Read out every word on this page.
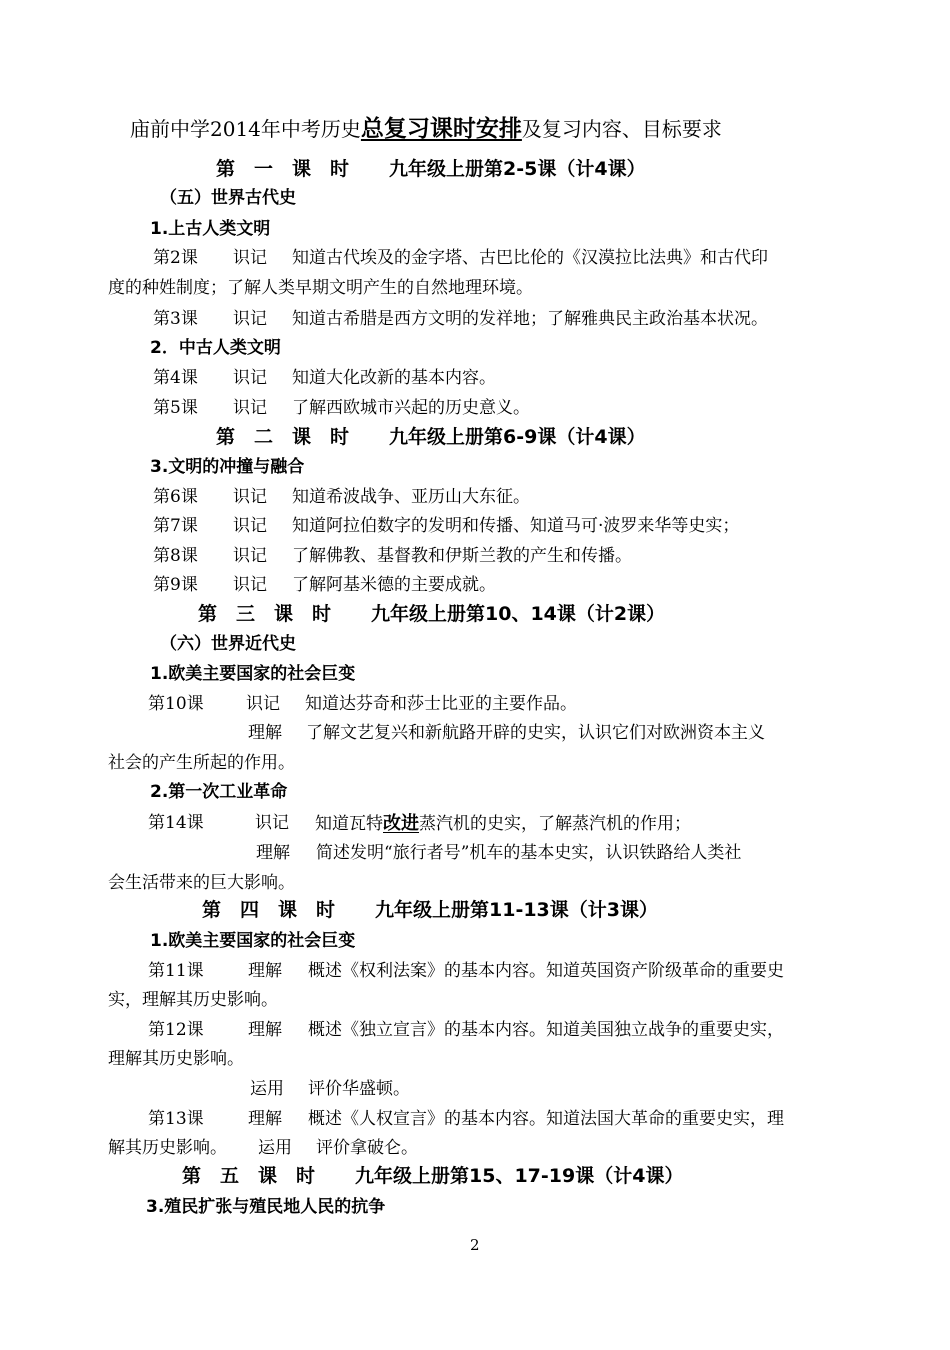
庙前中学2014年中考历史总复习课时安排及复习内容、目标要求
第　一　课　时 九年级上册第2-5课（计4课）
（五）世界古代史
1.上古人类文明
第2课 识记 知道古代埃及的金字塔、古巴比伦的《汉漠拉比法典》和古代印
度的种姓制度；了解人类早期文明产生的自然地理环境。
第3课 识记 知道古希腊是西方文明的发祥地；了解雅典民主政治基本状况。
2．中古人类文明
第4课 识记 知道大化改新的基本内容。
第5课 识记 了解西欧城市兴起的历史意义。
第　二　课　时 九年级上册第6-9课（计4课）
3.文明的冲撞与融合
第6课 识记 知道希波战争、亚历山大东征。
第7课 识记 知道阿拉伯数字的发明和传播、知道马可·波罗来华等史实；
第8课 识记 了解佛教、基督教和伊斯兰教的产生和传播。
第9课 识记 了解阿基米德的主要成就。
第　三　课　时 九年级上册第10、14课（计2课）
（六）世界近代史
1.欧美主要国家的社会巨变
第10课 识记 知道达芬奇和莎士比亚的主要作品。
理解 了解文艺复兴和新航路开辟的史实，认识它们对欧洲资本主义
社会的产生所起的作用。
2.第一次工业革命
第14课	识记 知道瓦特改进蒸汽机的史实，了解蒸汽机的作用；
理解 简述发明“旅行者号”机车的基本史实，认识铁路给人类社
会生活带来的巨大影响。
第　四　课　时 九年级上册第11-13课（计3课）
1.欧美主要国家的社会巨变
第11课	理解 概述《权利法案》的基本内容。知道英国资产阶级革命的重要史
实，理解其历史影响。
第12课	理解 概述《独立宣言》的基本内容。知道美国独立战争的重要史实，
理解其历史影响。
运用 评价华盛顿。
第13课	理解 概述《人权宣言》的基本内容。知道法国大革命的重要史实，理
解其历史影响。 运用 评价拿破仑。
第　五　课　时 九年级上册第15、17-19课（计4课）
3.殖民扩张与殖民地人民的抗争
2
